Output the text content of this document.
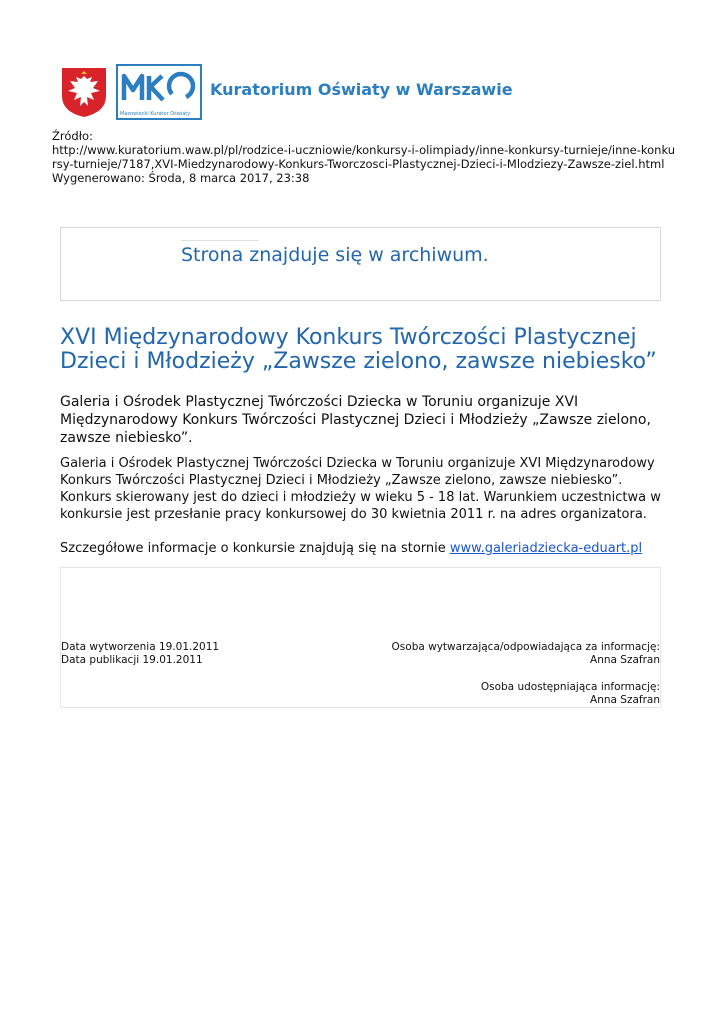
Mazowiecki Kurator Oświaty
Kuratorium Oświaty w Warszawie
Źródło:
http://www.kuratorium.waw.pl/pl/rodzice-i-uczniowie/konkursy-i-olimpiady/inne-konkursy-turnieje/inne-konkursy-turnieje/7187,XVI-Miedzynarodowy-Konkurs-Tworczosci-Plastycznej-Dzieci-i-Mlodziezy-Zawsze-ziel.html
Wygenerowano: Środa, 8 marca 2017, 23:38
Strona znajduje się w archiwum.
XVI Międzynarodowy Konkurs Twórczości Plastycznej Dzieci i Młodzieży „Zawsze zielono, zawsze niebiesko”

Galeria i Ośrodek Plastycznej Twórczości Dziecka w Toruniu organizuje XVI Międzynarodowy Konkurs Twórczości Plastycznej Dzieci i Młodzieży „Zawsze zielono, zawsze niebiesko”.

Galeria i Ośrodek Plastycznej Twórczości Dziecka w Toruniu organizuje XVI Międzynarodowy Konkurs Twórczości Plastycznej Dzieci i Młodzieży „Zawsze zielono, zawsze niebiesko”. Konkurs skierowany jest do dzieci i młodzieży w wieku 5 - 18 lat. Warunkiem uczestnictwa w konkursie jest przesłanie pracy konkursowej do 30 kwietnia 2011 r. na adres organizatora.

Szczegółowe informacje o konkursie znajdują się na stornie www.galeriadziecka-eduart.pl

Data wytworzenia 19.01.2011
Data publikacji 19.01.2011
Osoba wytwarzająca/odpowiadająca za informację:
Anna Szafran
Osoba udostępniająca informację:
Anna Szafran
